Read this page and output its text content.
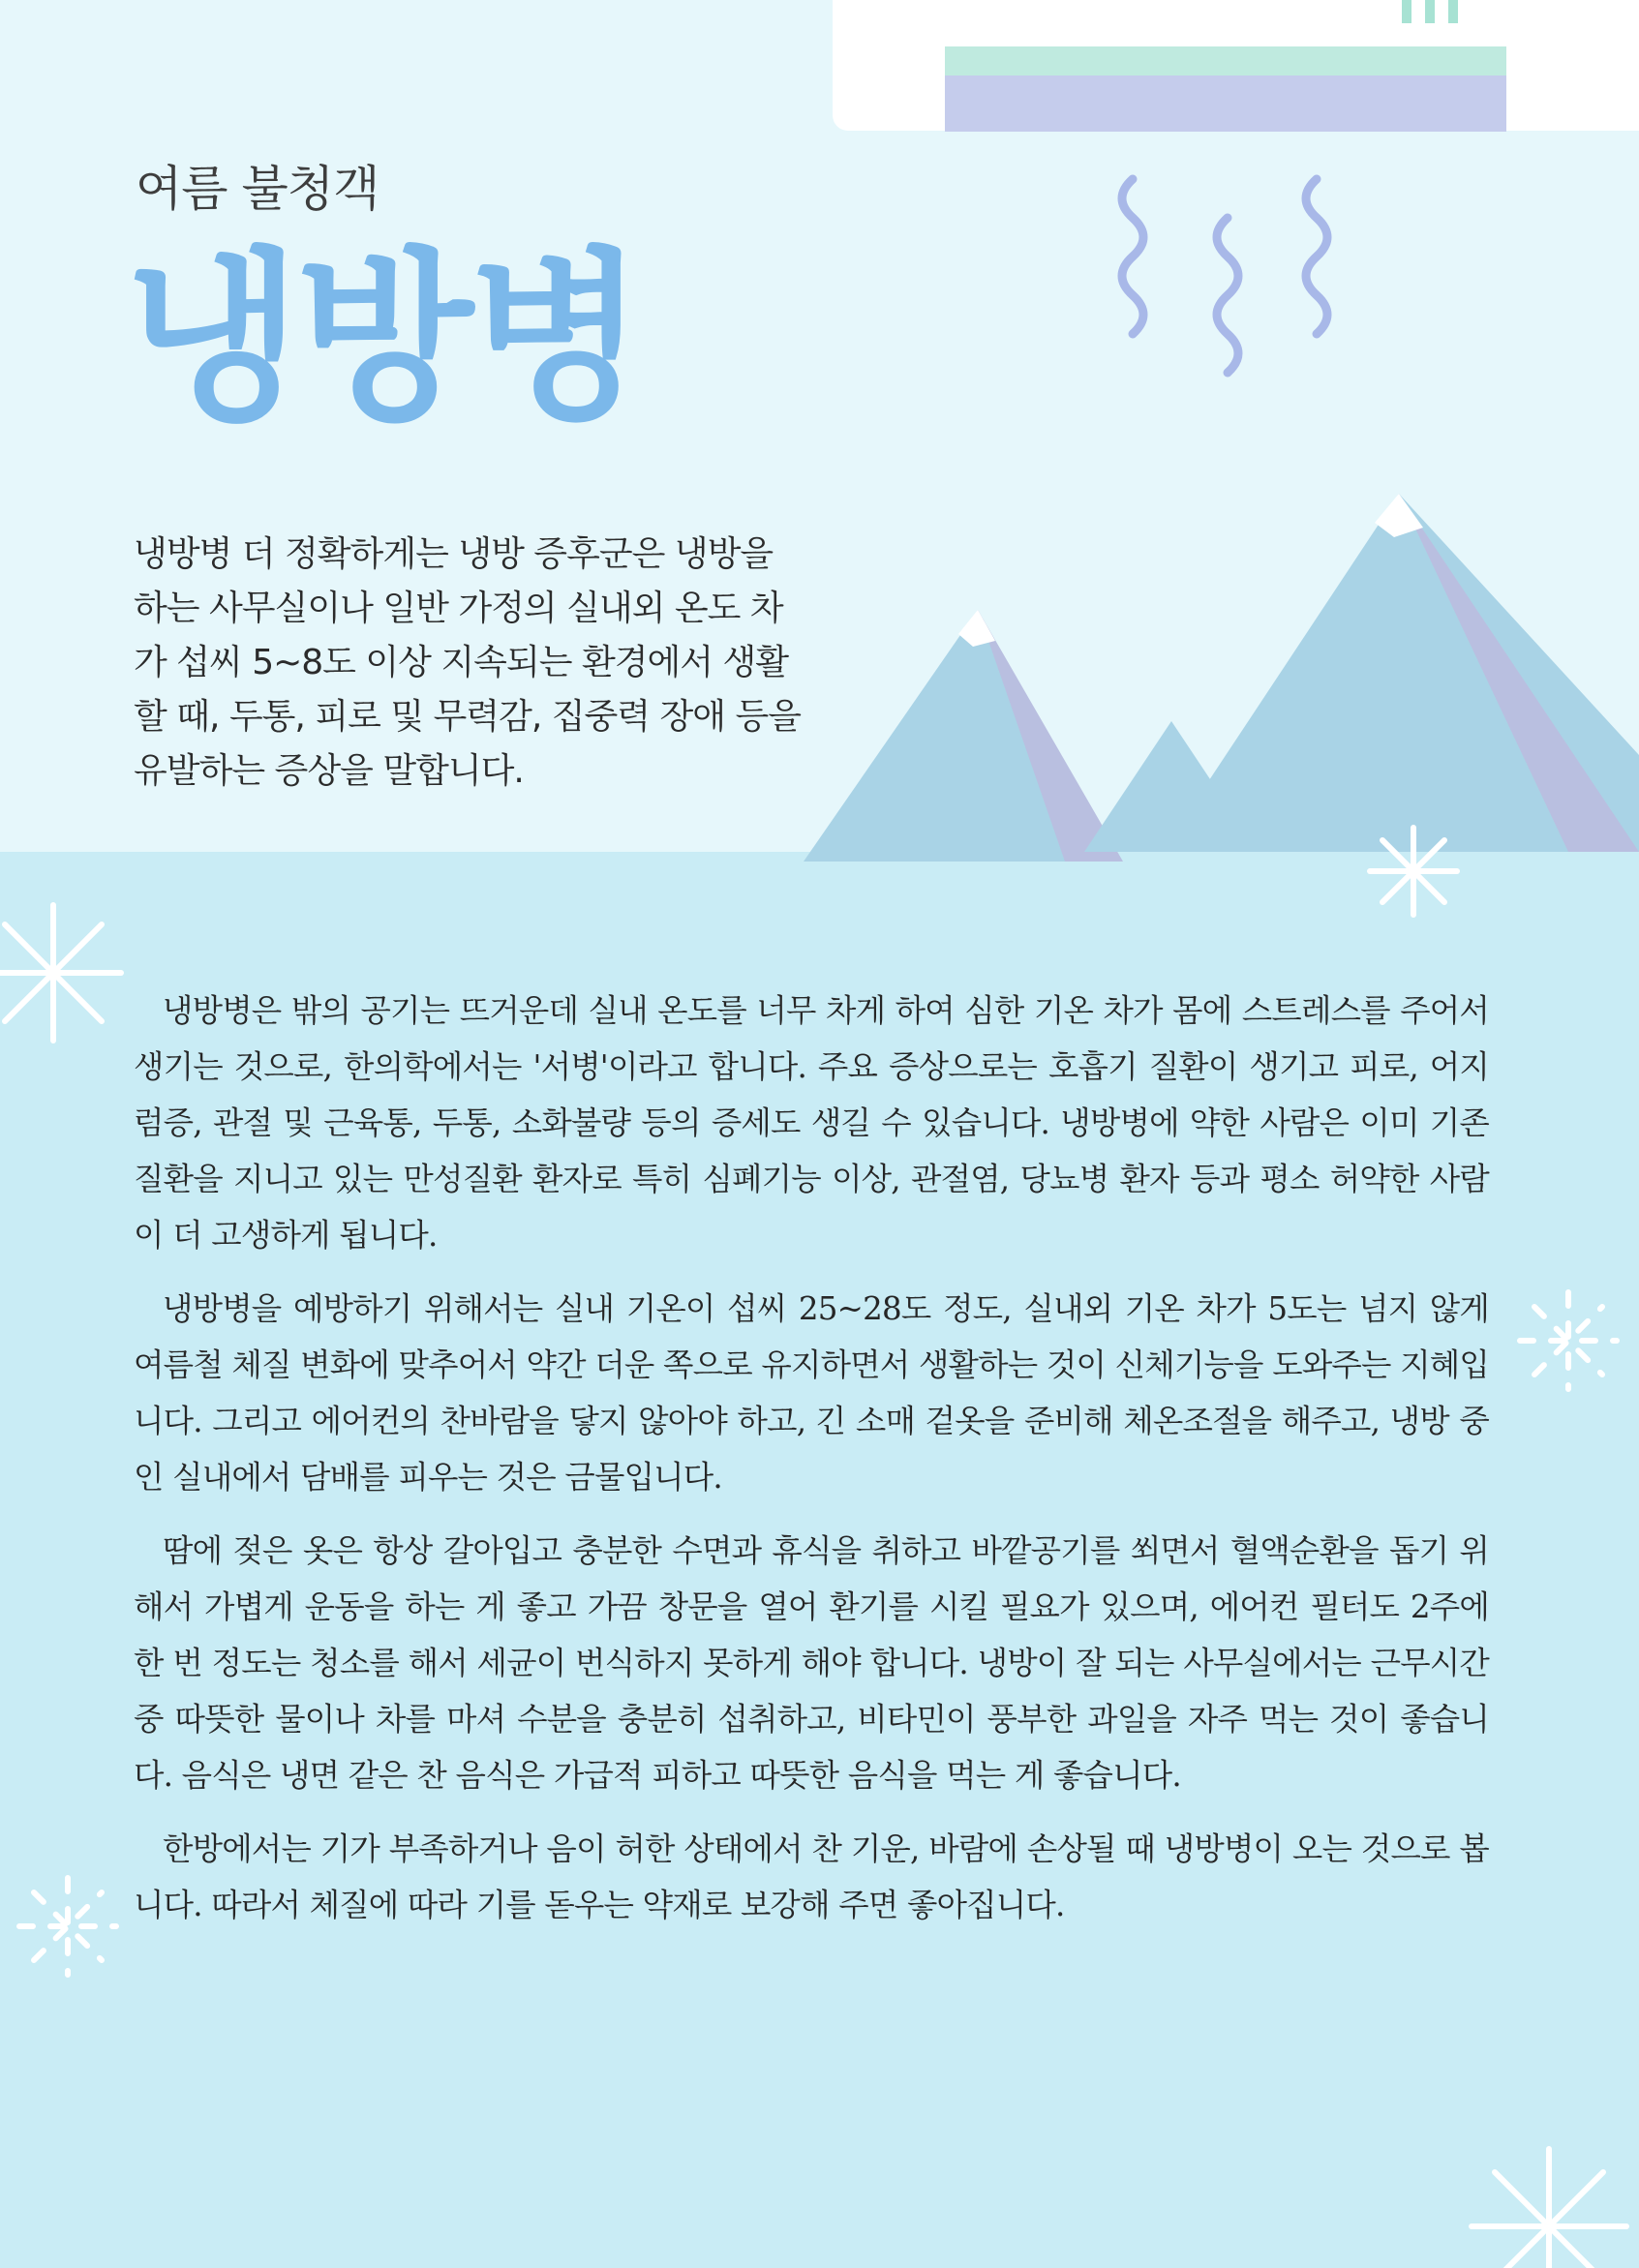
여름 불청객
냉방병
냉방병 더 정확하게는 냉방 증후군은 냉방을 하는 사무실이나 일반 가정의 실내외 온도 차가 섭씨 5~8도 이상 지속되는 환경에서 생활할 때, 두통, 피로 및 무력감, 집중력 장애 등을 유발하는 증상을 말합니다.

냉방병은 밖의 공기는 뜨거운데 실내 온도를 너무 차게 하여 심한 기온 차가 몸에 스트레스를 주어서 생기는 것으로, 한의학에서는 '서병'이라고 합니다. 주요 증상으로는 호흡기 질환이 생기고 피로, 어지럼증, 관절 및 근육통, 두통, 소화불량 등의 증세도 생길 수 있습니다. 냉방병에 약한 사람은 이미 기존 질환을 지니고 있는 만성질환 환자로 특히 심폐기능 이상, 관절염, 당뇨병 환자 등과 평소 허약한 사람이 더 고생하게 됩니다.

냉방병을 예방하기 위해서는 실내 기온이 섭씨 25~28도 정도, 실내외 기온 차가 5도는 넘지 않게 여름철 체질 변화에 맞추어서 약간 더운 쪽으로 유지하면서 생활하는 것이 신체기능을 도와주는 지혜입니다. 그리고 에어컨의 찬바람을 닿지 않아야 하고, 긴 소매 겉옷을 준비해 체온조절을 해주고, 냉방 중인 실내에서 담배를 피우는 것은 금물입니다.

땀에 젖은 옷은 항상 갈아입고 충분한 수면과 휴식을 취하고 바깥공기를 쐬면서 혈액순환을 돕기 위해서 가볍게 운동을 하는 게 좋고 가끔 창문을 열어 환기를 시킬 필요가 있으며, 에어컨 필터도 2주에 한 번 정도는 청소를 해서 세균이 번식하지 못하게 해야 합니다. 냉방이 잘 되는 사무실에서는 근무시간 중 따뜻한 물이나 차를 마셔 수분을 충분히 섭취하고, 비타민이 풍부한 과일을 자주 먹는 것이 좋습니다. 음식은 냉면 같은 찬 음식은 가급적 피하고 따뜻한 음식을 먹는 게 좋습니다.

한방에서는 기가 부족하거나 음이 허한 상태에서 찬 기운, 바람에 손상될 때 냉방병이 오는 것으로 봅니다. 따라서 체질에 따라 기를 돋우는 약재로 보강해 주면 좋아집니다.
